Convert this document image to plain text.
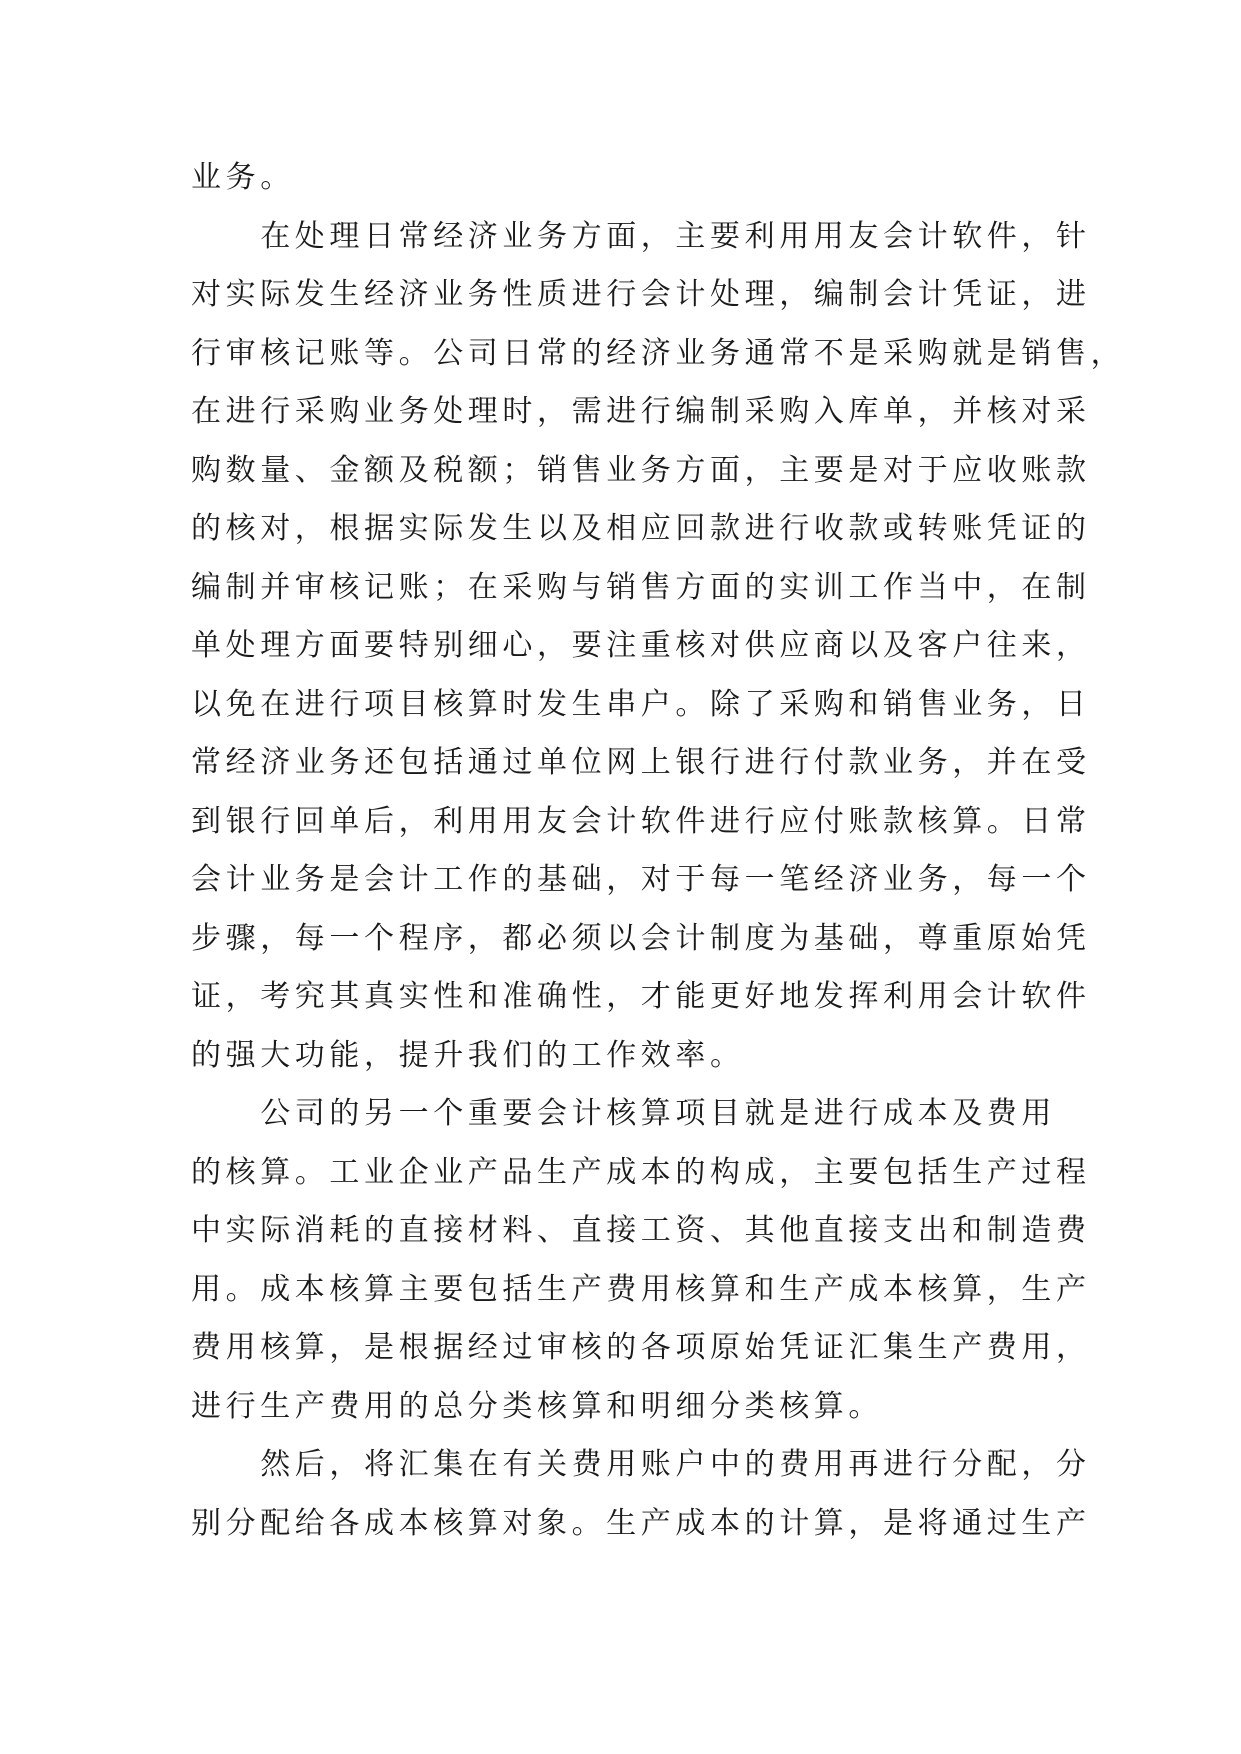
业务。
　　在处理日常经济业务方面，主要利用用友会计软件，针
对实际发生经济业务性质进行会计处理，编制会计凭证，进
行审核记账等。公司日常的经济业务通常不是采购就是销售，
在进行采购业务处理时，需进行编制采购入库单，并核对采
购数量、金额及税额；销售业务方面，主要是对于应收账款
的核对，根据实际发生以及相应回款进行收款或转账凭证的
编制并审核记账；在采购与销售方面的实训工作当中，在制
单处理方面要特别细心，要注重核对供应商以及客户往来，
以免在进行项目核算时发生串户。除了采购和销售业务，日
常经济业务还包括通过单位网上银行进行付款业务，并在受
到银行回单后，利用用友会计软件进行应付账款核算。日常
会计业务是会计工作的基础，对于每一笔经济业务，每一个
步骤，每一个程序，都必须以会计制度为基础，尊重原始凭
证，考究其真实性和准确性，才能更好地发挥利用会计软件
的强大功能，提升我们的工作效率。
　　公司的另一个重要会计核算项目就是进行成本及费用
的核算。工业企业产品生产成本的构成，主要包括生产过程
中实际消耗的直接材料、直接工资、其他直接支出和制造费
用。成本核算主要包括生产费用核算和生产成本核算，生产
费用核算，是根据经过审核的各项原始凭证汇集生产费用，
进行生产费用的总分类核算和明细分类核算。
　　然后，将汇集在有关费用账户中的费用再进行分配，分
别分配给各成本核算对象。生产成本的计算，是将通过生产
